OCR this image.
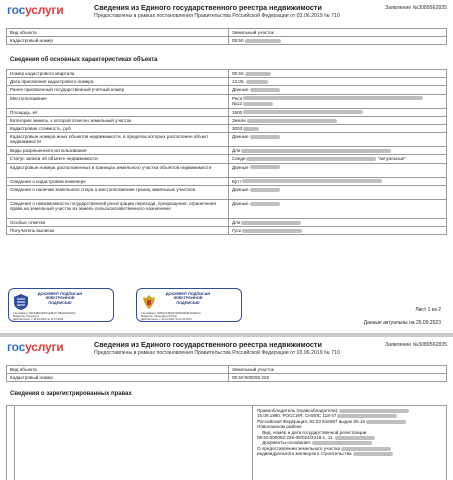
госуслуги	Сведения из Единого государственного реестра недвижимости
Предоставлены в рамках постановления Правительства Российской Федерации от 03.06.2019 № 710
Заявление №3089562835
Вид объекта	Земельный участок
Кадастровый номер	05:50
Сведения об основных характеристиках объекта
Номер кадастрового квартала	05:50
Дата присвоения кадастрового номера	12.05.
Ранее присвоенный государственный учетный номер	Данные
Местоположение	Респ
№12
Площадь, м²	1500
Категория земель, к которой отнесен земельный участок	Земли
Кадастровая стоимость, руб	3003
Кадастровые номера иных объектов недвижимости, в пределах которых расположен объект недвижимости	Данные
Виды разрешенного использования	Для
Статус записи об объекте недвижимости	Сведе "актуальные"
Кадастровые номера расположенных в границах земельного участка объектов недвижимости	Данные
Сведения о кадастровом инженере	Бутт
Сведения о наличии земельного спора о местоположении границ земельных участков	Данные
Сведения о невозможности государственной регистрации перехода, прекращения, ограничения права на земельный участок из земель сельскохозяйственного назначения	Данные
Особые отметки	Для
Получатель выписки	Гусе
ДОКУМЕНТ ПОДПИСАН
ЭЛЕКТРОННОЙ
ПОДПИСЬЮ
Сертификат: 6E7bd80ef3e07aa08a17 88ade61b097a
Владелец: Росреестр
Действителен: с 18.04.2023 по 11.07.2024
ДОКУМЕНТ ПОДПИСАН
ЭЛЕКТРОННОЙ
ПОДПИСЬЮ
Сертификат: 00fb5e7b8bf4b7d00f24d69b1b4b0e1c
Владелец: Минцифры России
Действителен: с 10.01.2023 по 04.04.2024
Лист 1 из 2
Данные актуальны на 25.09.2023
госуслуги	Сведения из Единого государственного реестра недвижимости
Предоставлены в рамках постановления Правительства Российской Федерации от 03.06.2019 № 710
Заявление №3089562835
Вид объекта	Земельный участок
Кадастровый номер	05:50:000092:226
Сведения о зарегистрированных правах

Правообладатель (правообладатели):
15.09.1980, РОССИЯ, СНИЛС 118-47
Российская Федерация, 82 03 816697 выдан 05.10
Новолакском районе
Вид, номер и дата государственной регистрации
05:50:000092:226-05/024/2018-1, 11.
Документы-основания:
О предоставлении земельного участка
индивидуального жилищного строительства
